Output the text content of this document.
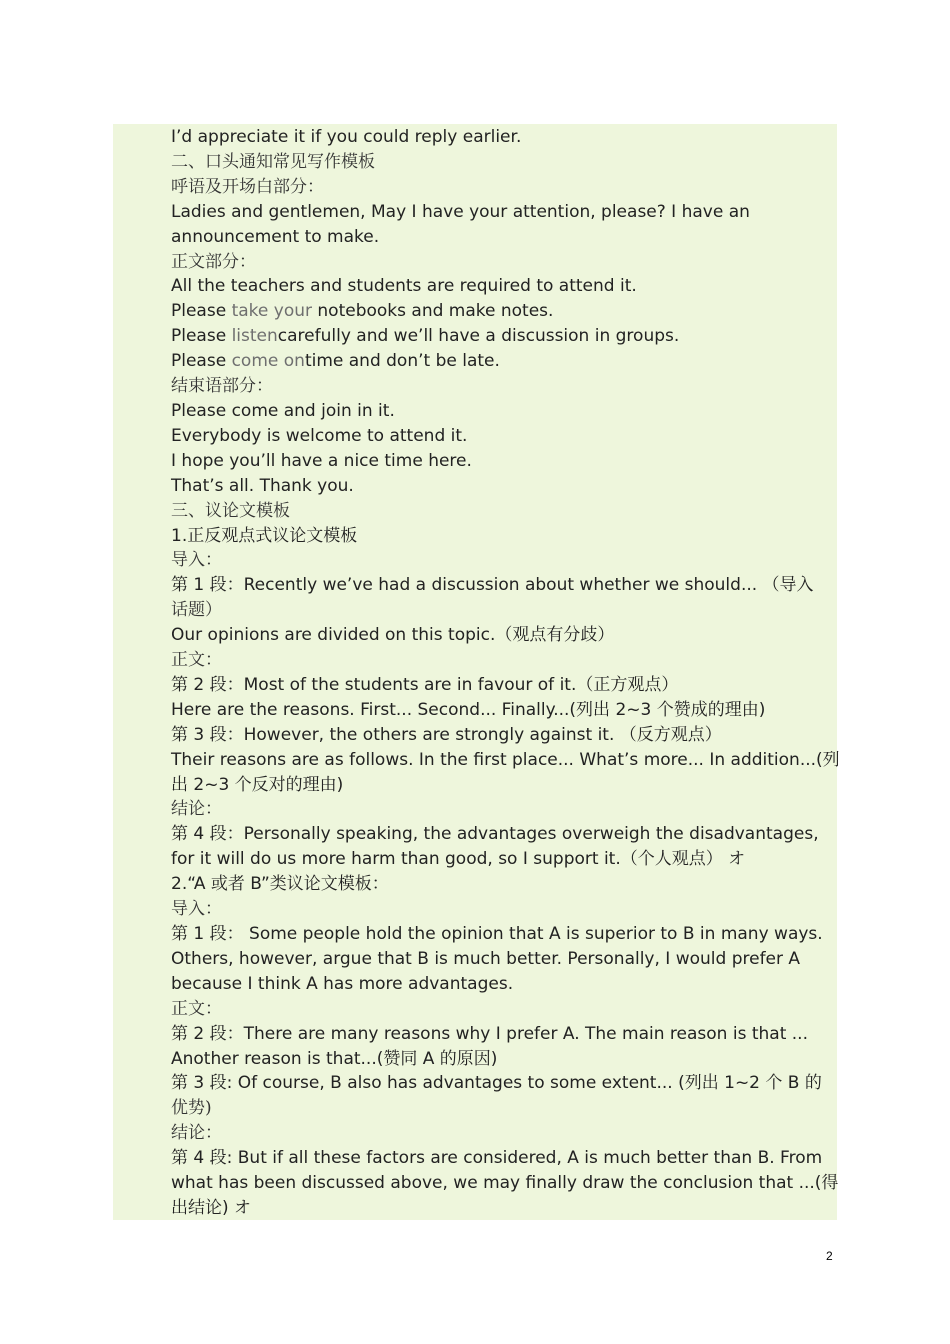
I’d appreciate it if you could reply earlier.
二、口头通知常见写作模板
呼语及开场白部分：
Ladies and gentlemen, May I have your attention, please? I have an
announcement to make.
正文部分：
All the teachers and students are required to attend it.
Please take your notebooks and make notes.
Please listencarefully and we’ll have a discussion in groups.
Please come ontime and don’t be late.
结束语部分：
Please come and join in it.
Everybody is welcome to attend it.
I hope you’ll have a nice time here.
That’s all. Thank you.
三、议论文模板
1.正反观点式议论文模板
导入：
第 1 段：Recently we’ve had a discussion about whether we should... （导入
话题）
Our opinions are divided on this topic.（观点有分歧）
正文：
第 2 段：Most of the students are in favour of it.（正方观点）
Here are the reasons. First... Second... Finally...(列出 2~3 个赞成的理由)
第 3 段：However, the others are strongly against it. （反方观点）
Their reasons are as follows. In the first place... What’s more... In addition...(列
出 2~3 个反对的理由)
结论：
第 4 段：Personally speaking, the advantages overweigh the disadvantages,
for it will do us more harm than good, so I support it.（个人观点） オ
2.“A 或者 B”类议论文模板：
导入：
第 1 段： Some people hold the opinion that A is superior to B in many ways.
Others, however, argue that B is much better. Personally, I would prefer A
because I think A has more advantages.
正文：
第 2 段：There are many reasons why I prefer A. The main reason is that ...
Another reason is that...(赞同 A 的原因)
第 3 段: Of course, B also has advantages to some extent... (列出 1~2 个 B 的
优势)
结论：
第 4 段: But if all these factors are considered, A is much better than B. From
what has been discussed above, we may finally draw the conclusion that ...(得
出结论) オ
2
